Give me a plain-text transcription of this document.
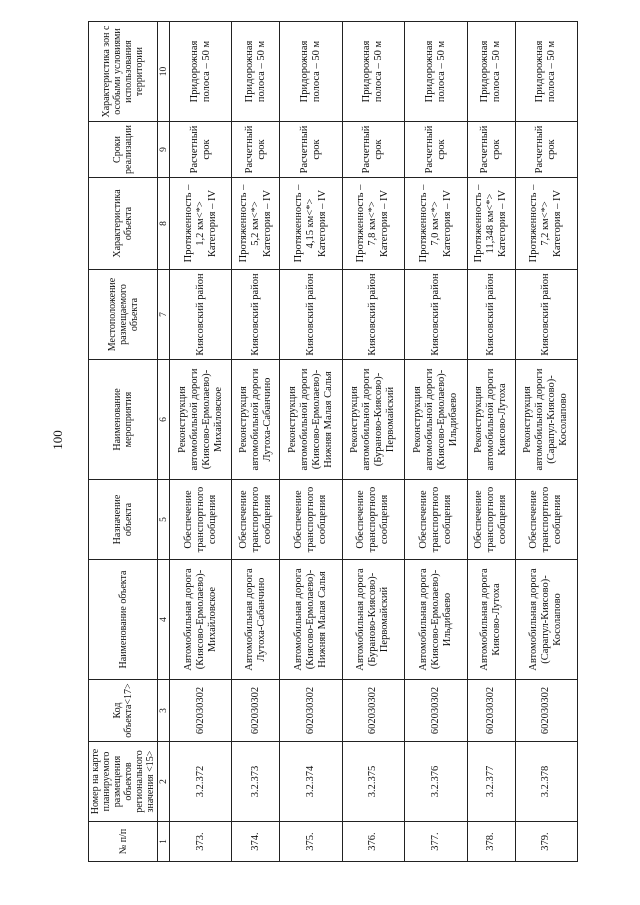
100
№ п/п	Номер на карте планируемого размещения объектов регионального значения <15>	Код объекта<17>	Наименование объекта	Назначение объекта	Наименование мероприятия	Местоположение размещаемого объекта	Характеристика объекта	Сроки реализации	Характеристика зон с особыми условиями использования территории
1	2	3	4	5	6	7	8	9	10
373.	3.2.372	602030302	Автомобильная дорога (Киясово-Ермолаево)-Михайловское	Обеспечение транспортного сообщения	Реконструкция автомобильной дороги (Киясово-Ермолаево)-Михайловское	Киясовский район	Протяженность – 1,2 км<*> Категория – IV	Расчетный срок	Придорожная полоса – 50 м
374.	3.2.373	602030302	Автомобильная дорога Лутоха-Сабанчино	Обеспечение транспортного сообщения	Реконструкция автомобильной дороги Лутоха-Сабанчино	Киясовский район	Протяженность – 5,2 км<*> Категория – IV	Расчетный срок	Придорожная полоса – 50 м
375.	3.2.374	602030302	Автомобильная дорога (Киясово-Ермолаево)-Нижняя Малая Салья	Обеспечение транспортного сообщения	Реконструкция автомобильной дороги (Киясово-Ермолаево)-Нижняя Малая Салья	Киясовский район	Протяженность – 4,15 км<*> Категория – IV	Расчетный срок	Придорожная полоса – 50 м
376.	3.2.375	602030302	Автомобильная дорога (Бураново-Киясово)-Первомайский	Обеспечение транспортного сообщения	Реконструкция автомобильной дороги (Бураново-Киясово)-Первомайский	Киясовский район	Протяженность – 7,8 км<*> Категория – IV	Расчетный срок	Придорожная полоса – 50 м
377.	3.2.376	602030302	Автомобильная дорога (Киясово-Ермолаево)-Ильдибаево	Обеспечение транспортного сообщения	Реконструкция автомобильной дороги (Киясово-Ермолаево)-Ильдибаево	Киясовский район	Протяженность – 7,0 км<*> Категория – IV	Расчетный срок	Придорожная полоса – 50 м
378.	3.2.377	602030302	Автомобильная дорога Киясово-Лутоха	Обеспечение транспортного сообщения	Реконструкция автомобильной дороги Киясово-Лутоха	Киясовский район	Протяженность – 11,348 км<*> Категория – IV	Расчетный срок	Придорожная полоса – 50 м
379.	3.2.378	602030302	Автомобильная дорога (Сарапул-Киясово)-Косолапово	Обеспечение транспортного сообщения	Реконструкция автомобильной дороги (Сарапул-Киясово)-Косолапово	Киясовский район	Протяженность – 7,2 км<*> Категория – IV	Расчетный срок	Придорожная полоса – 50 м
